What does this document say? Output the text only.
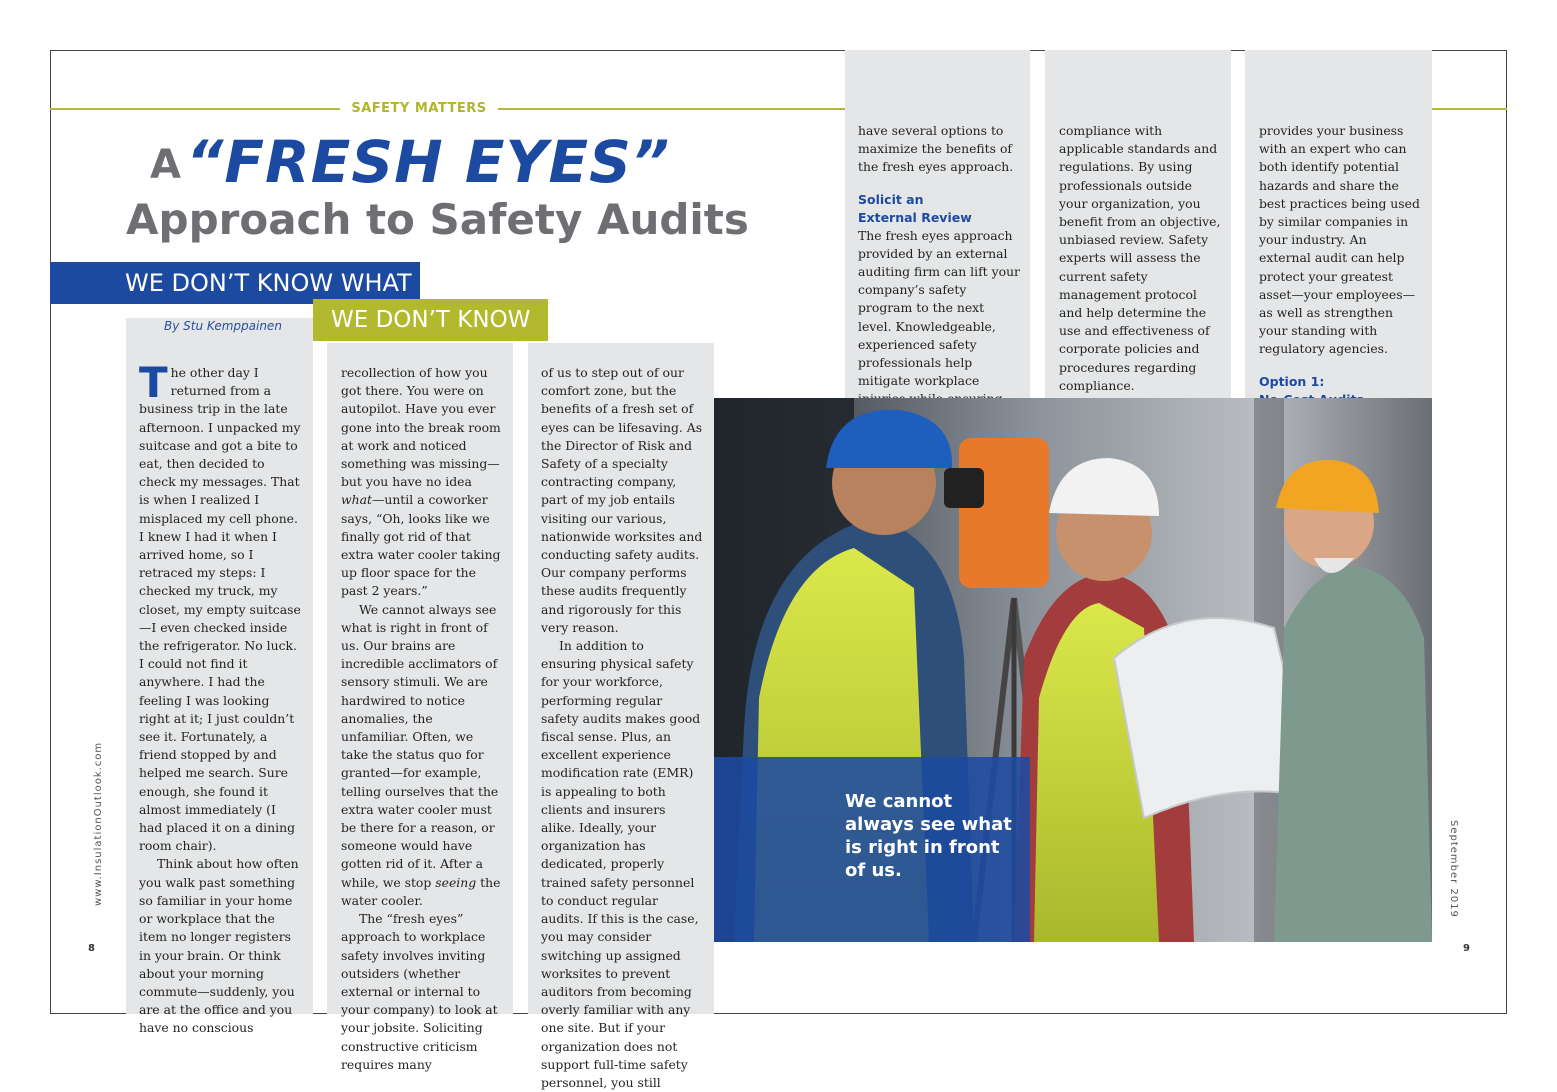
SAFETY MATTERS
A “FRESH EYES”
Approach to Safety Audits
WE DON’T KNOW WHAT
WE DON’T KNOW
By Stu Kemppainen

The other day I returned from a business trip in the late afternoon. I unpacked my suitcase and got a bite to eat, then decided to check my messages. That is when I realized I misplaced my cell phone. I knew I had it when I arrived home, so I retraced my steps: I checked my truck, my closet, my empty suitcase—I even checked inside the refrigerator. No luck. I could not find it anywhere. I had the feeling I was looking right at it; I just couldn’t see it. Fortunately, a friend stopped by and helped me search. Sure enough, she found it almost immediately (I had placed it on a dining room chair).

Think about how often you walk past something so familiar in your home or workplace that the item no longer registers in your brain. Or think about your morning commute—suddenly, you are at the office and you have no conscious

recollection of how you got there. You were on autopilot. Have you ever gone into the break room at work and noticed something was missing—but you have no idea what—until a coworker says, “Oh, looks like we finally got rid of that extra water cooler taking up floor space for the past 2 years.”

We cannot always see what is right in front of us. Our brains are incredible acclimators of sensory stimuli. We are hardwired to notice anomalies, the unfamiliar. Often, we take the status quo for granted—for example, telling ourselves that the extra water cooler must be there for a reason, or someone would have gotten rid of it. After a while, we stop seeing the water cooler.

The “fresh eyes” approach to workplace safety involves inviting outsiders (whether external or internal to your company) to look at your jobsite. Soliciting constructive criticism requires many

of us to step out of our comfort zone, but the benefits of a fresh set of eyes can be lifesaving. As the Director of Risk and Safety of a specialty contracting company, part of my job entails visiting our various, nationwide worksites and conducting safety audits. Our company performs these audits frequently and rigorously for this very reason.

In addition to ensuring physical safety for your workforce, performing regular safety audits makes good fiscal sense. Plus, an excellent experience modification rate (EMR) is appealing to both clients and insurers alike. Ideally, your organization has dedicated, properly trained safety personnel to conduct regular audits. If this is the case, you may consider switching up assigned worksites to prevent auditors from becoming overly familiar with any one site. But if your organization does not support full-time safety personnel, you still

have several options to maximize the benefits of the fresh eyes approach.

Solicit an
External Review

The fresh eyes approach provided by an external auditing firm can lift your company’s safety program to the next level. Knowledgeable, experienced safety professionals help mitigate workplace

compliance with applicable standards and regulations. By using professionals outside your organization, you benefit from an objective, unbiased review. Safety experts will assess the current safety management protocol and help determine the use and effectiveness of corporate policies and procedures regarding compliance.

provides your business with an expert who can both identify potential hazards and share the best practices being used by similar companies in your industry. An external audit can help protect your greatest asset—your employees—as well as strengthen your standing with regulatory agencies.

Option 1:

We cannot always see what is right in front of us.
www.InsulationOutlook.com	September 2019
8	9
